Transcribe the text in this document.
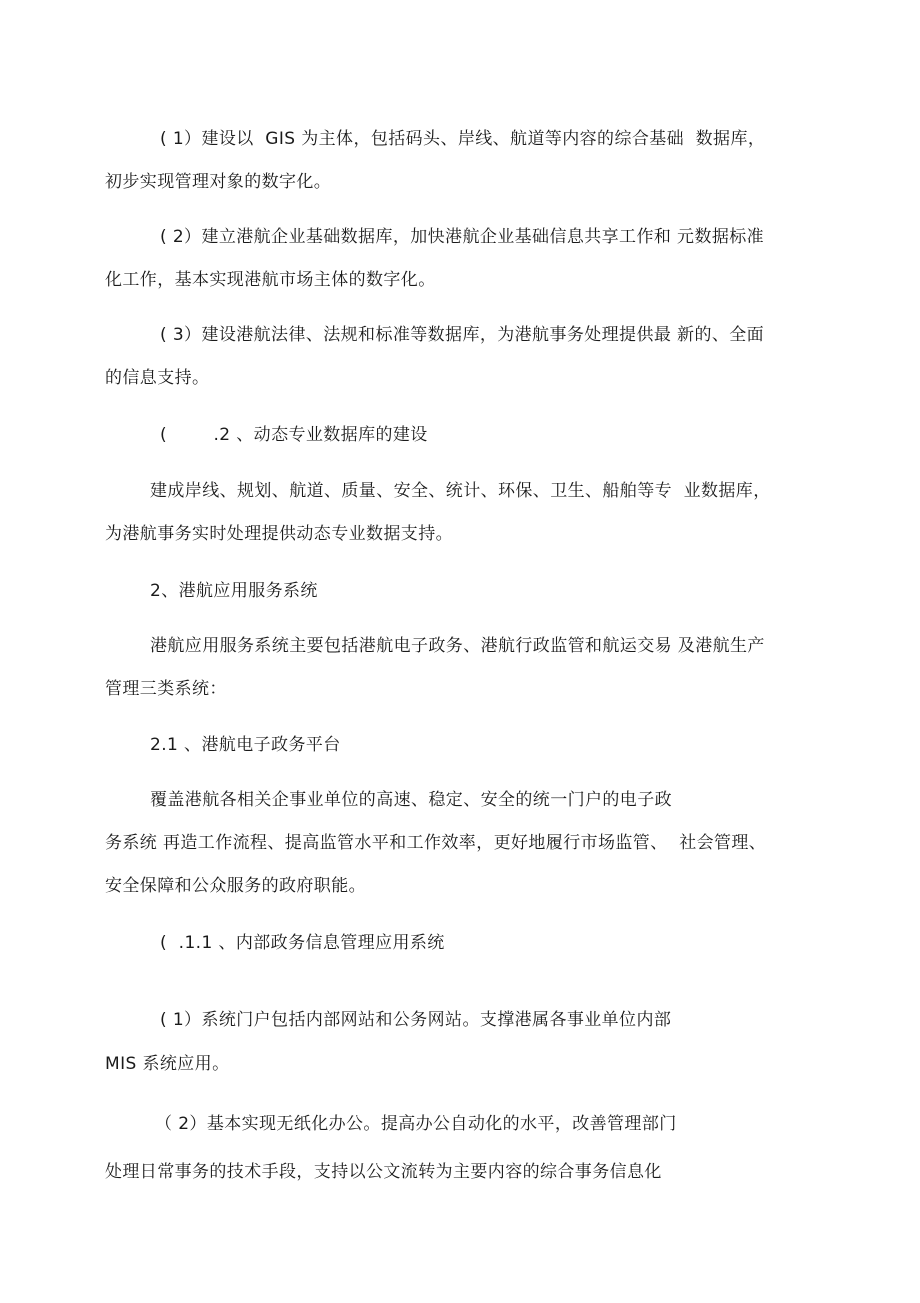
( 1）建设以  GIS 为主体，包括码头、岸线、航道等内容的综合基础  数据库，
初步实现管理对象的数字化。
( 2）建立港航企业基础数据库，加快港航企业基础信息共享工作和 元数据标准
化工作，基本实现港航市场主体的数字化。
( 3）建设港航法律、法规和标准等数据库，为港航事务处理提供最 新的、全面
的信息支持。
(        .2 、动态专业数据库的建设
建成岸线、规划、航道、质量、安全、统计、环保、卫生、船舶等专  业数据库，
为港航事务实时处理提供动态专业数据支持。
2、港航应用服务系统
港航应用服务系统主要包括港航电子政务、港航行政监管和航运交易 及港航生产
管理三类系统：
2.1 、港航电子政务平台
覆盖港航各相关企事业单位的高速、稳定、安全的统一门户的电子政
务系统 再造工作流程、提高监管水平和工作效率，更好地履行市场监管、  社会管理、
安全保障和公众服务的政府职能。
(  .1.1 、内部政务信息管理应用系统
( 1）系统门户包括内部网站和公务网站。支撑港属各事业单位内部
MIS 系统应用。
（ 2）基本实现无纸化办公。提高办公自动化的水平，改善管理部门
处理日常事务的技术手段，支持以公文流转为主要内容的综合事务信息化
